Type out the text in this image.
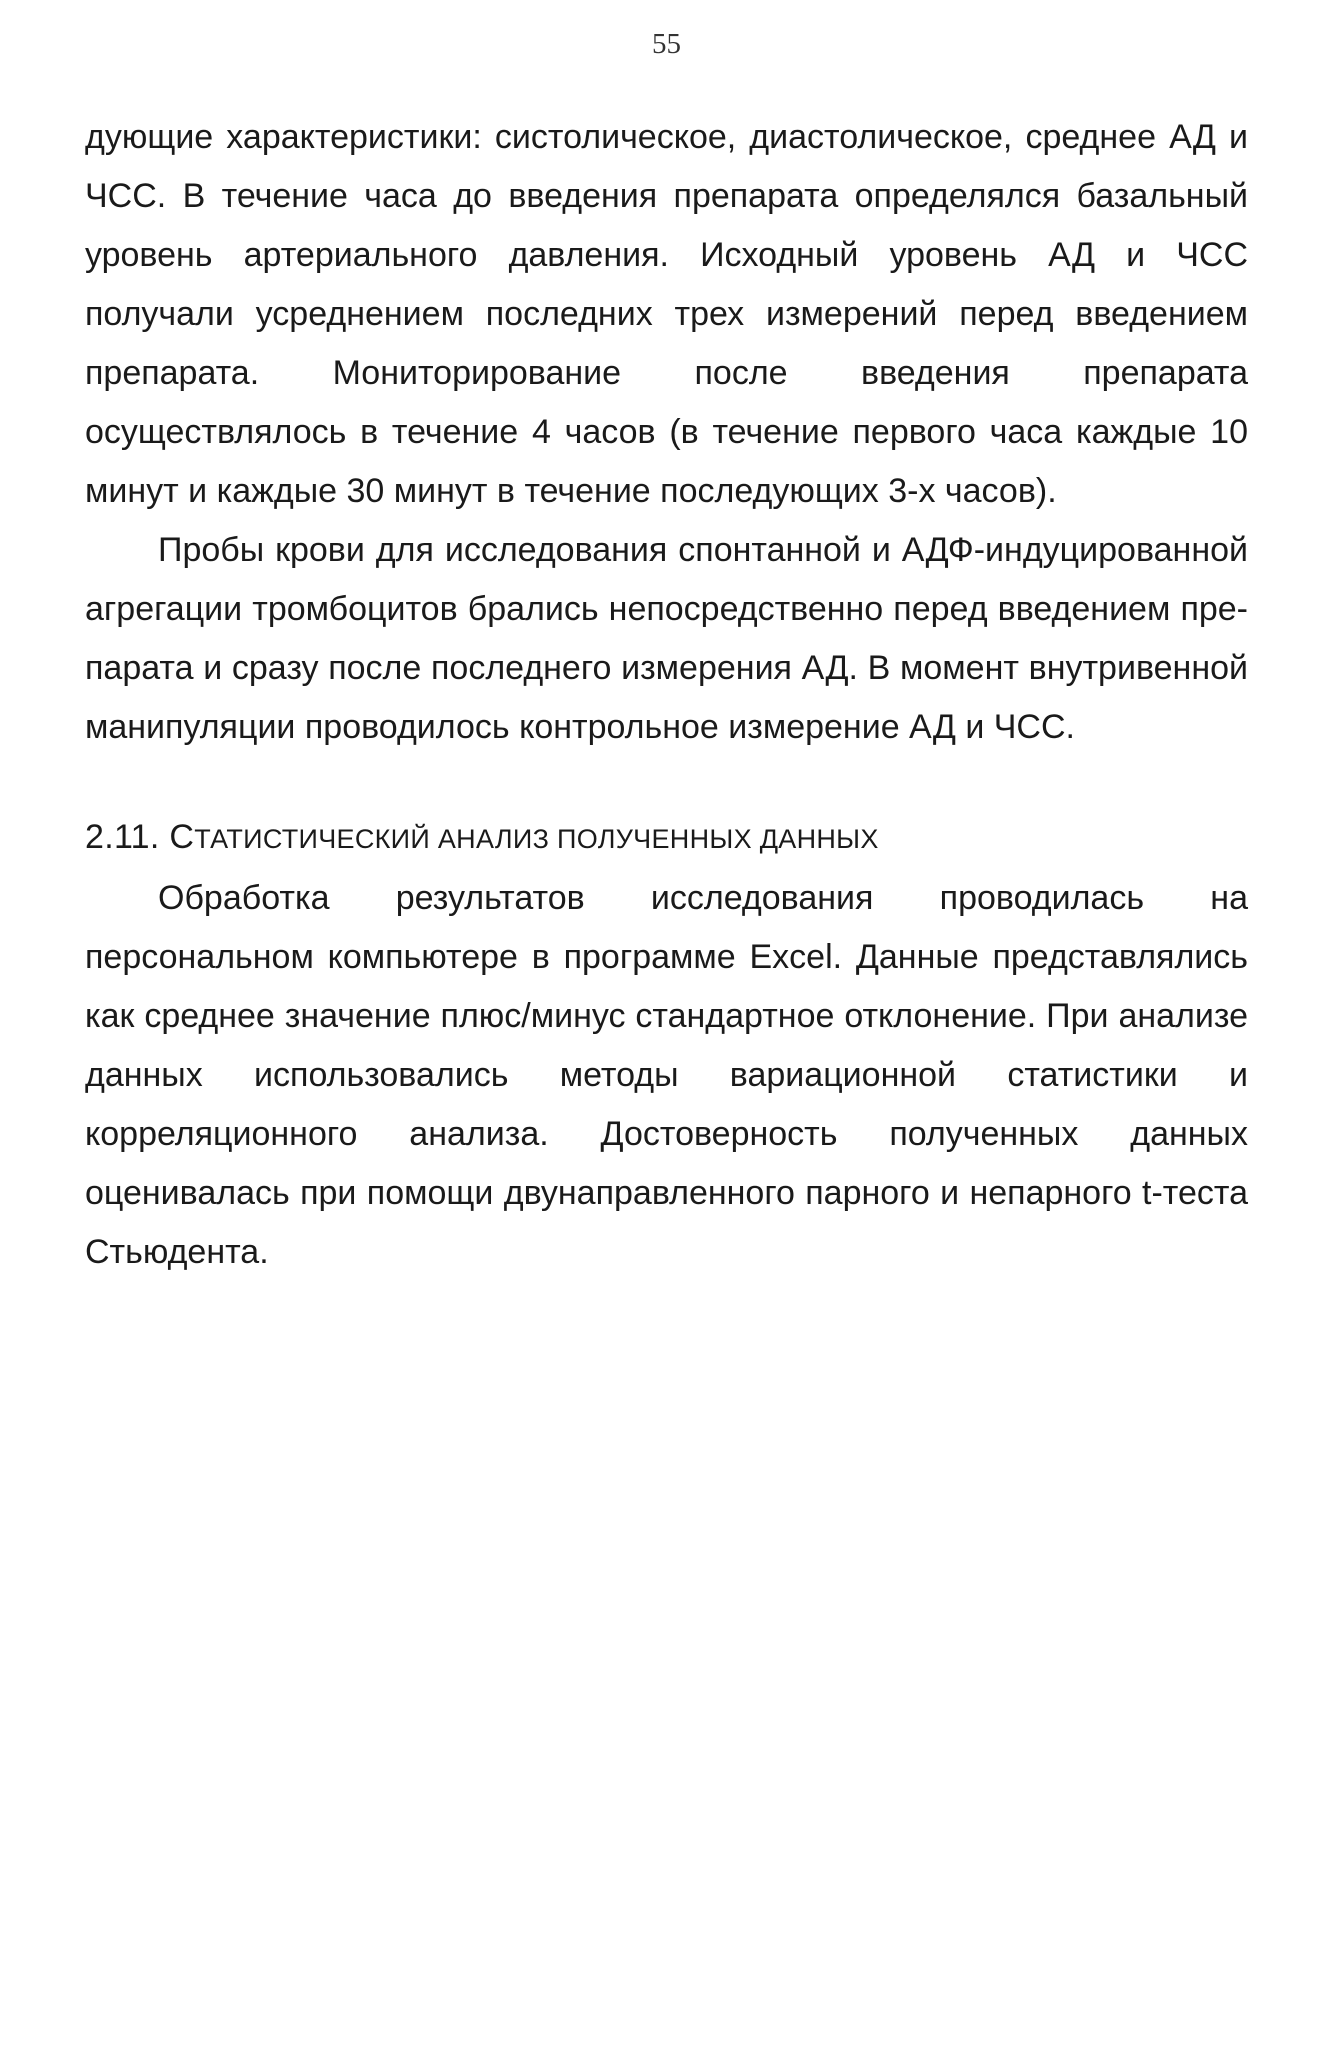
55

дующие характеристики: систолическое, диастолическое, среднее АД и ЧСС. В течение часа до введения препарата определялся базальный уровень артериального давления. Исходный уровень АД и ЧСС получали усреднением последних трех измерений перед введением препарата. Мониторирование после введения препарата осуществлялось в течение 4 часов (в течение первого часа каждые 10 минут и каждые 30 минут в течение последующих 3-х часов).

Пробы крови для исследования спонтанной и АДФ-индуцированной агрегации тромбоцитов брались непосредственно перед введением препарата и сразу после последнего измерения АД. В момент внутривенной манипуляции проводилось контрольное измерение АД и ЧСС.

2.11. СТАТИСТИЧЕСКИЙ АНАЛИЗ ПОЛУЧЕННЫХ ДАННЫХ

Обработка результатов исследования проводилась на персональном компьютере в программе Excel. Данные представлялись как среднее значение плюс/минус стандартное отклонение. При анализе данных использовались методы вариационной статистики и корреляционного анализа. Достоверность полученных данных оценивалась при помощи двунаправленного парного и непарного t-теста Стьюдента.
